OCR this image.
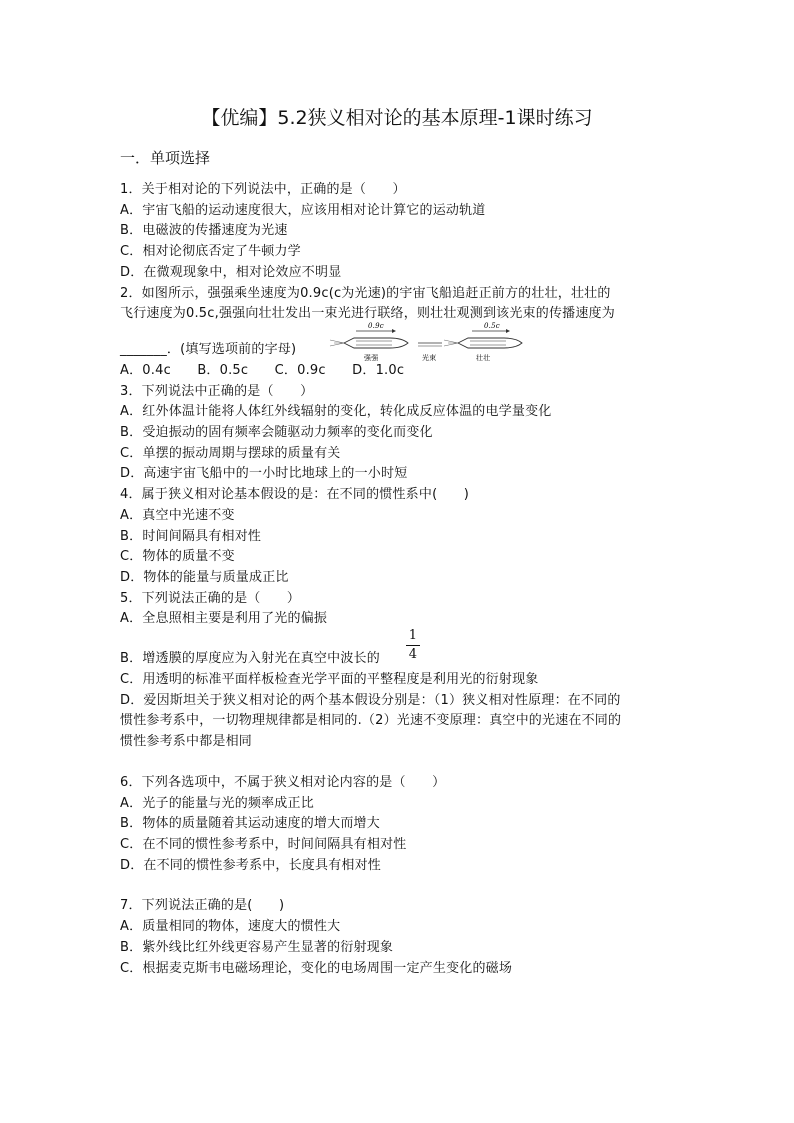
【优编】5.2狭义相对论的基本原理-1课时练习
一．单项选择
1．关于相对论的下列说法中，正确的是（　　）
A．宇宙飞船的运动速度很大，应该用相对论计算它的运动轨道
B．电磁波的传播速度为光速
C．相对论彻底否定了牛顿力学
D．在微观现象中，相对论效应不明显
2．如图所示，强强乘坐速度为0.9c(c为光速)的宇宙飞船追赶正前方的壮壮，壮壮的
飞行速度为0.5c,强强向壮壮发出一束光进行联络，则壮壮观测到该光束的传播速度为
_______．(填写选项前的字母)
0.9c	0.5c
强强	光束	壮壮
A．0.4c　　B．0.5c　　C．0.9c　　D．1.0c
3．下列说法中正确的是（　　）
A．红外体温计能将人体红外线辐射的变化，转化成反应体温的电学量变化
B．受迫振动的固有频率会随驱动力频率的变化而变化
C．单摆的振动周期与摆球的质量有关
D．高速宇宙飞船中的一小时比地球上的一小时短
4．属于狭义相对论基本假设的是：在不同的惯性系中(　　)
A．真空中光速不变
B．时间间隔具有相对性
C．物体的质量不变
D．物体的能量与质量成正比
5．下列说法正确的是（　　）
A．全息照相主要是利用了光的偏振
B．增透膜的厚度应为入射光在真空中波长的
1
4
C．用透明的标准平面样板检查光学平面的平整程度是利用光的衍射现象
D．爱因斯坦关于狭义相对论的两个基本假设分别是：（1）狭义相对性原理：在不同的
惯性参考系中，一切物理规律都是相同的.（2）光速不变原理：真空中的光速在不同的
惯性参考系中都是相同
6．下列各选项中，不属于狭义相对论内容的是（　　）
A．光子的能量与光的频率成正比
B．物体的质量随着其运动速度的增大而增大
C．在不同的惯性参考系中，时间间隔具有相对性
D．在不同的惯性参考系中，长度具有相对性
7．下列说法正确的是(　　)
A．质量相同的物体，速度大的惯性大
B．紫外线比红外线更容易产生显著的衍射现象
C．根据麦克斯韦电磁场理论，变化的电场周围一定产生变化的磁场
